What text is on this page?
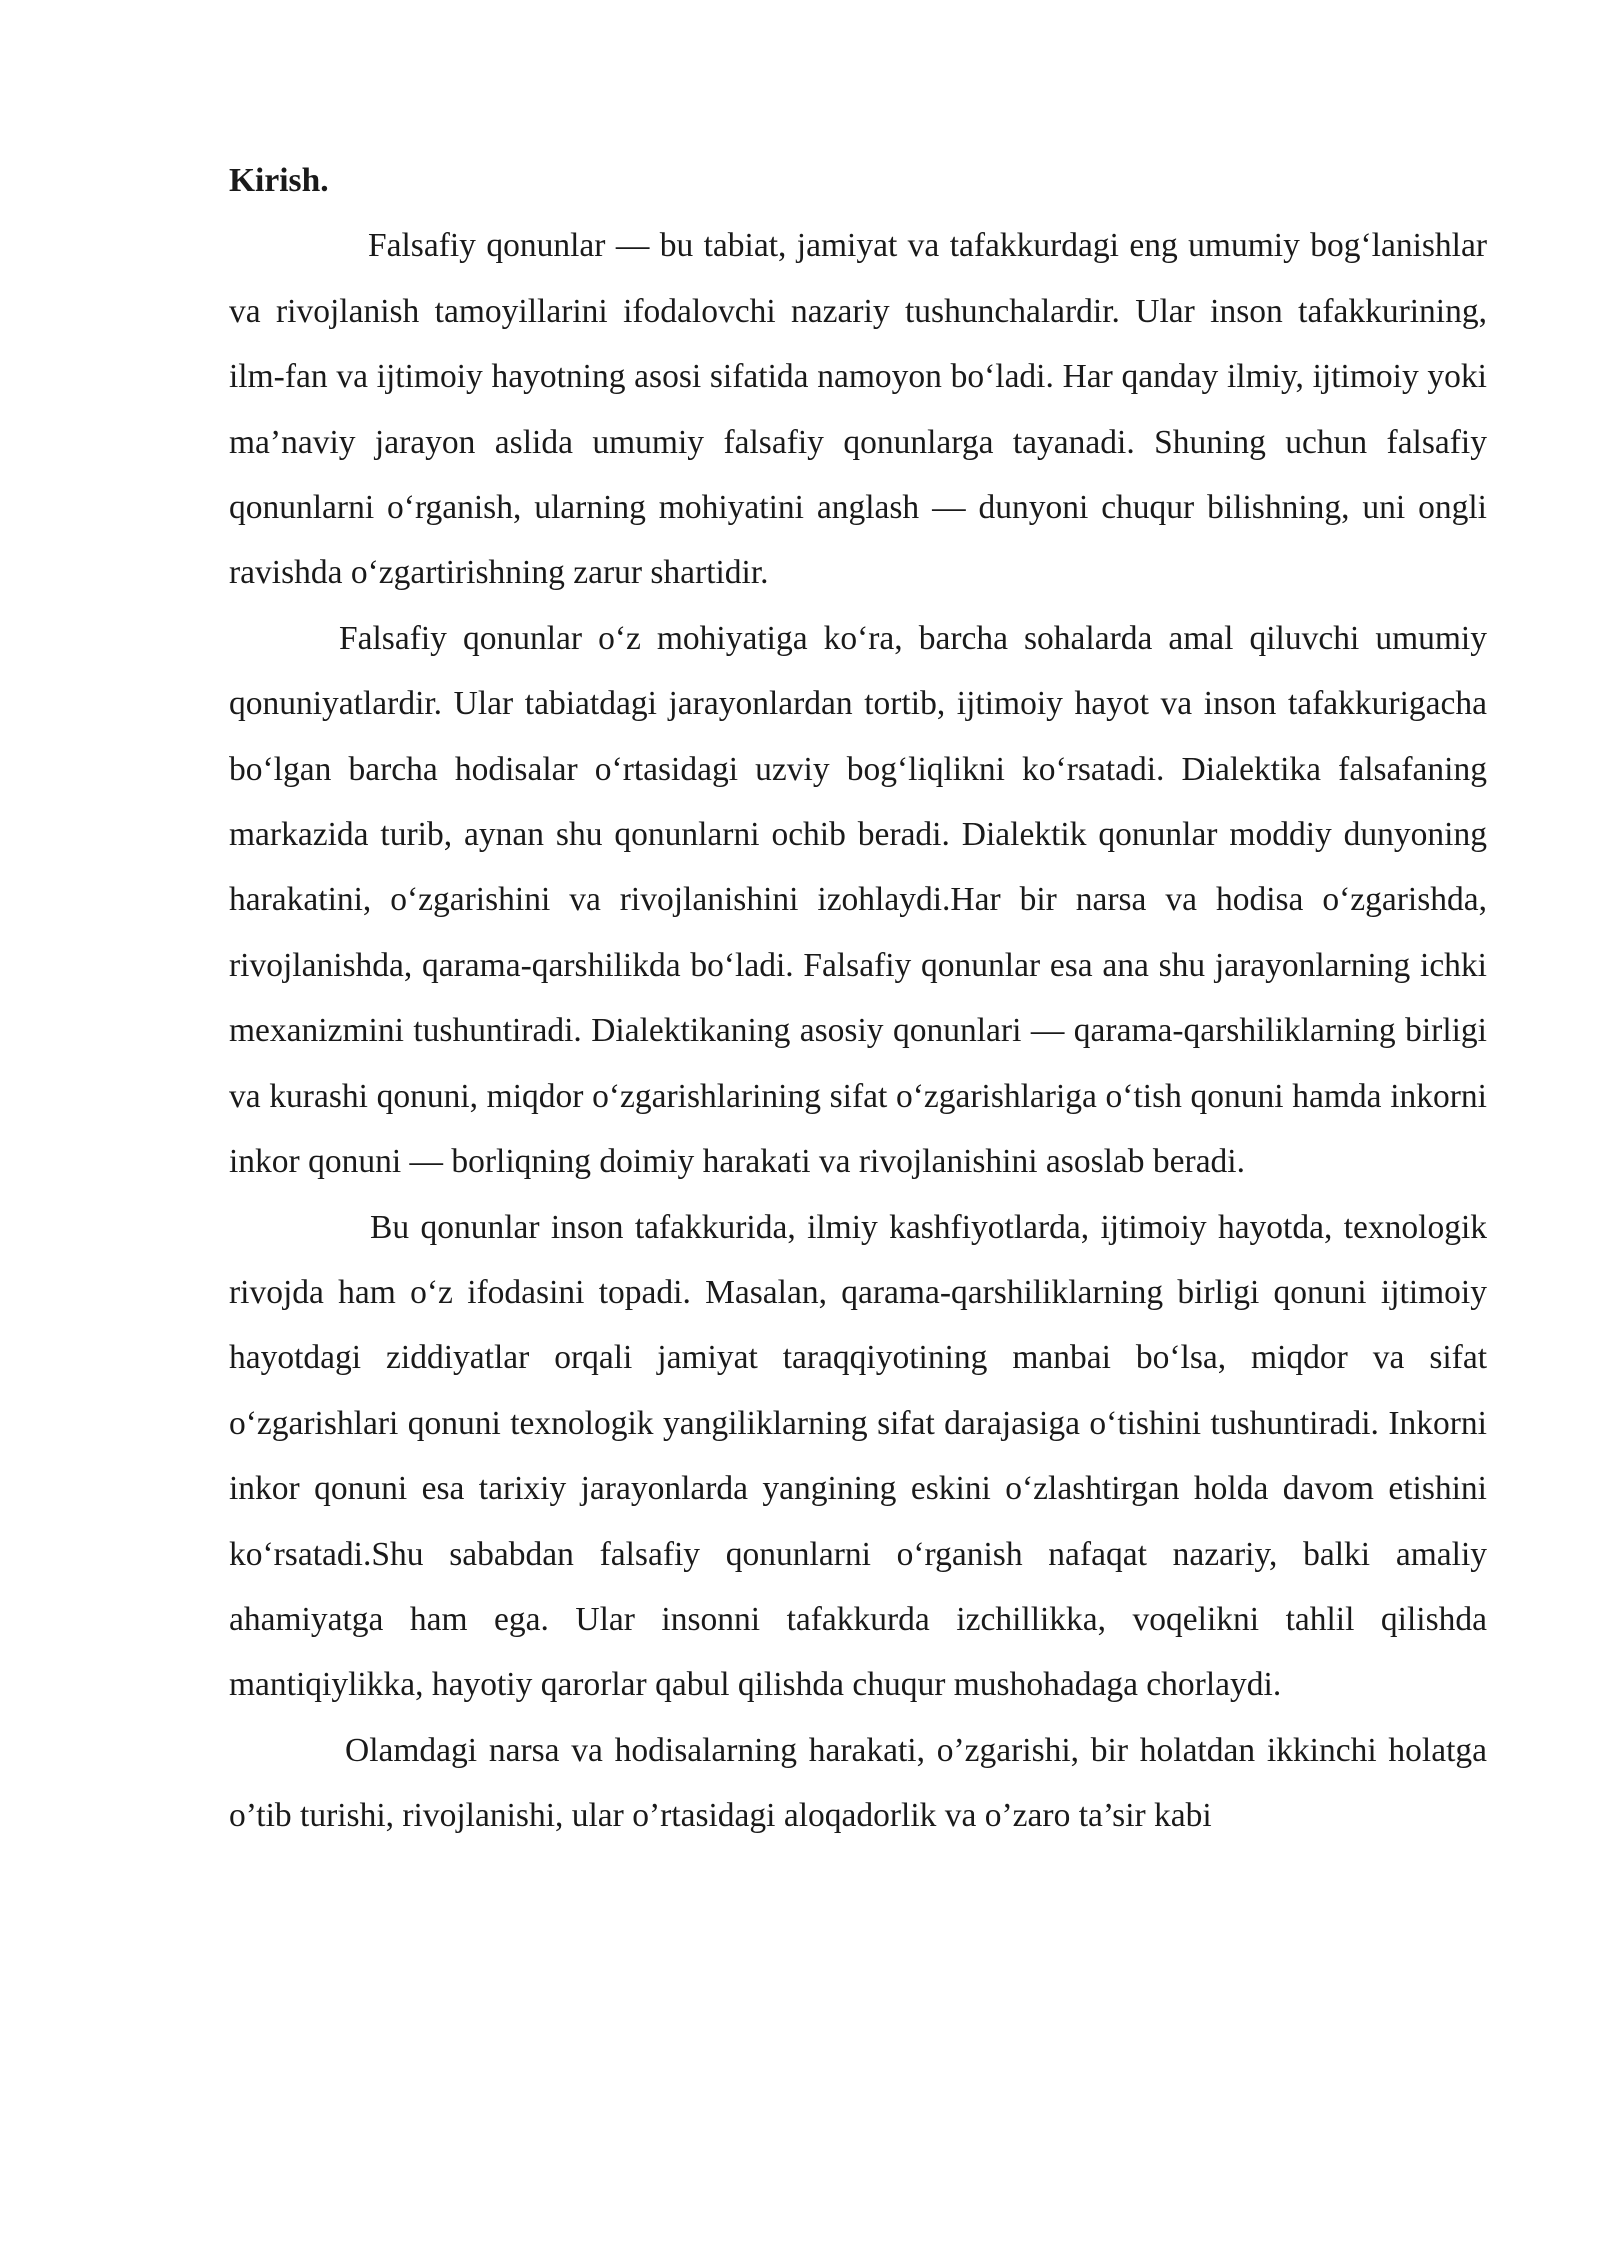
Kirish.

Falsafiy qonunlar — bu tabiat, jamiyat va tafakkurdagi eng umumiy bog‘lanishlar va rivojlanish tamoyillarini ifodalovchi nazariy tushunchalardir. Ular inson tafakkurining, ilm-fan va ijtimoiy hayotning asosi sifatida namoyon bo‘ladi. Har qanday ilmiy, ijtimoiy yoki ma’naviy jarayon aslida umumiy falsafiy qonunlarga tayanadi. Shuning uchun falsafiy qonunlarni o‘rganish, ularning mohiyatini anglash — dunyoni chuqur bilishning, uni ongli ravishda o‘zgartirishning zarur shartidir.

Falsafiy qonunlar o‘z mohiyatiga ko‘ra, barcha sohalarda amal qiluvchi umumiy qonuniyatlardir. Ular tabiatdagi jarayonlardan tortib, ijtimoiy hayot va inson tafakkurigacha bo‘lgan barcha hodisalar o‘rtasidagi uzviy bog‘liqlikni ko‘rsatadi. Dialektika falsafaning markazida turib, aynan shu qonunlarni ochib beradi. Dialektik qonunlar moddiy dunyoning harakatini, o‘zgarishini va rivojlanishini izohlaydi.Har bir narsa va hodisa o‘zgarishda, rivojlanishda, qarama-qarshilikda bo‘ladi. Falsafiy qonunlar esa ana shu jarayonlarning ichki mexanizmini tushuntiradi. Dialektikaning asosiy qonunlari — qarama-qarshiliklarning birligi va kurashi qonuni, miqdor o‘zgarishlarining sifat o‘zgarishlariga o‘tish qonuni hamda inkorni inkor qonuni — borliqning doimiy harakati va rivojlanishini asoslab beradi.

Bu qonunlar inson tafakkurida, ilmiy kashfiyotlarda, ijtimoiy hayotda, texnologik rivojda ham o‘z ifodasini topadi. Masalan, qarama-qarshiliklarning birligi qonuni ijtimoiy hayotdagi ziddiyatlar orqali jamiyat taraqqiyotining manbai bo‘lsa, miqdor va sifat o‘zgarishlari qonuni texnologik yangiliklarning sifat darajasiga o‘tishini tushuntiradi. Inkorni inkor qonuni esa tarixiy jarayonlarda yangining eskini o‘zlashtirgan holda davom etishini ko‘rsatadi.Shu sababdan falsafiy qonunlarni o‘rganish nafaqat nazariy, balki amaliy ahamiyatga ham ega. Ular insonni tafakkurda izchillikka, voqelikni tahlil qilishda mantiqiylikka, hayotiy qarorlar qabul qilishda chuqur mushohadaga chorlaydi.

Olamdagi narsa va hodisalarning harakati, o’zgarishi, bir holatdan ikkinchi holatga o’tib turishi, rivojlanishi, ular o’rtasidagi aloqadorlik va o’zaro ta’sir kabi
